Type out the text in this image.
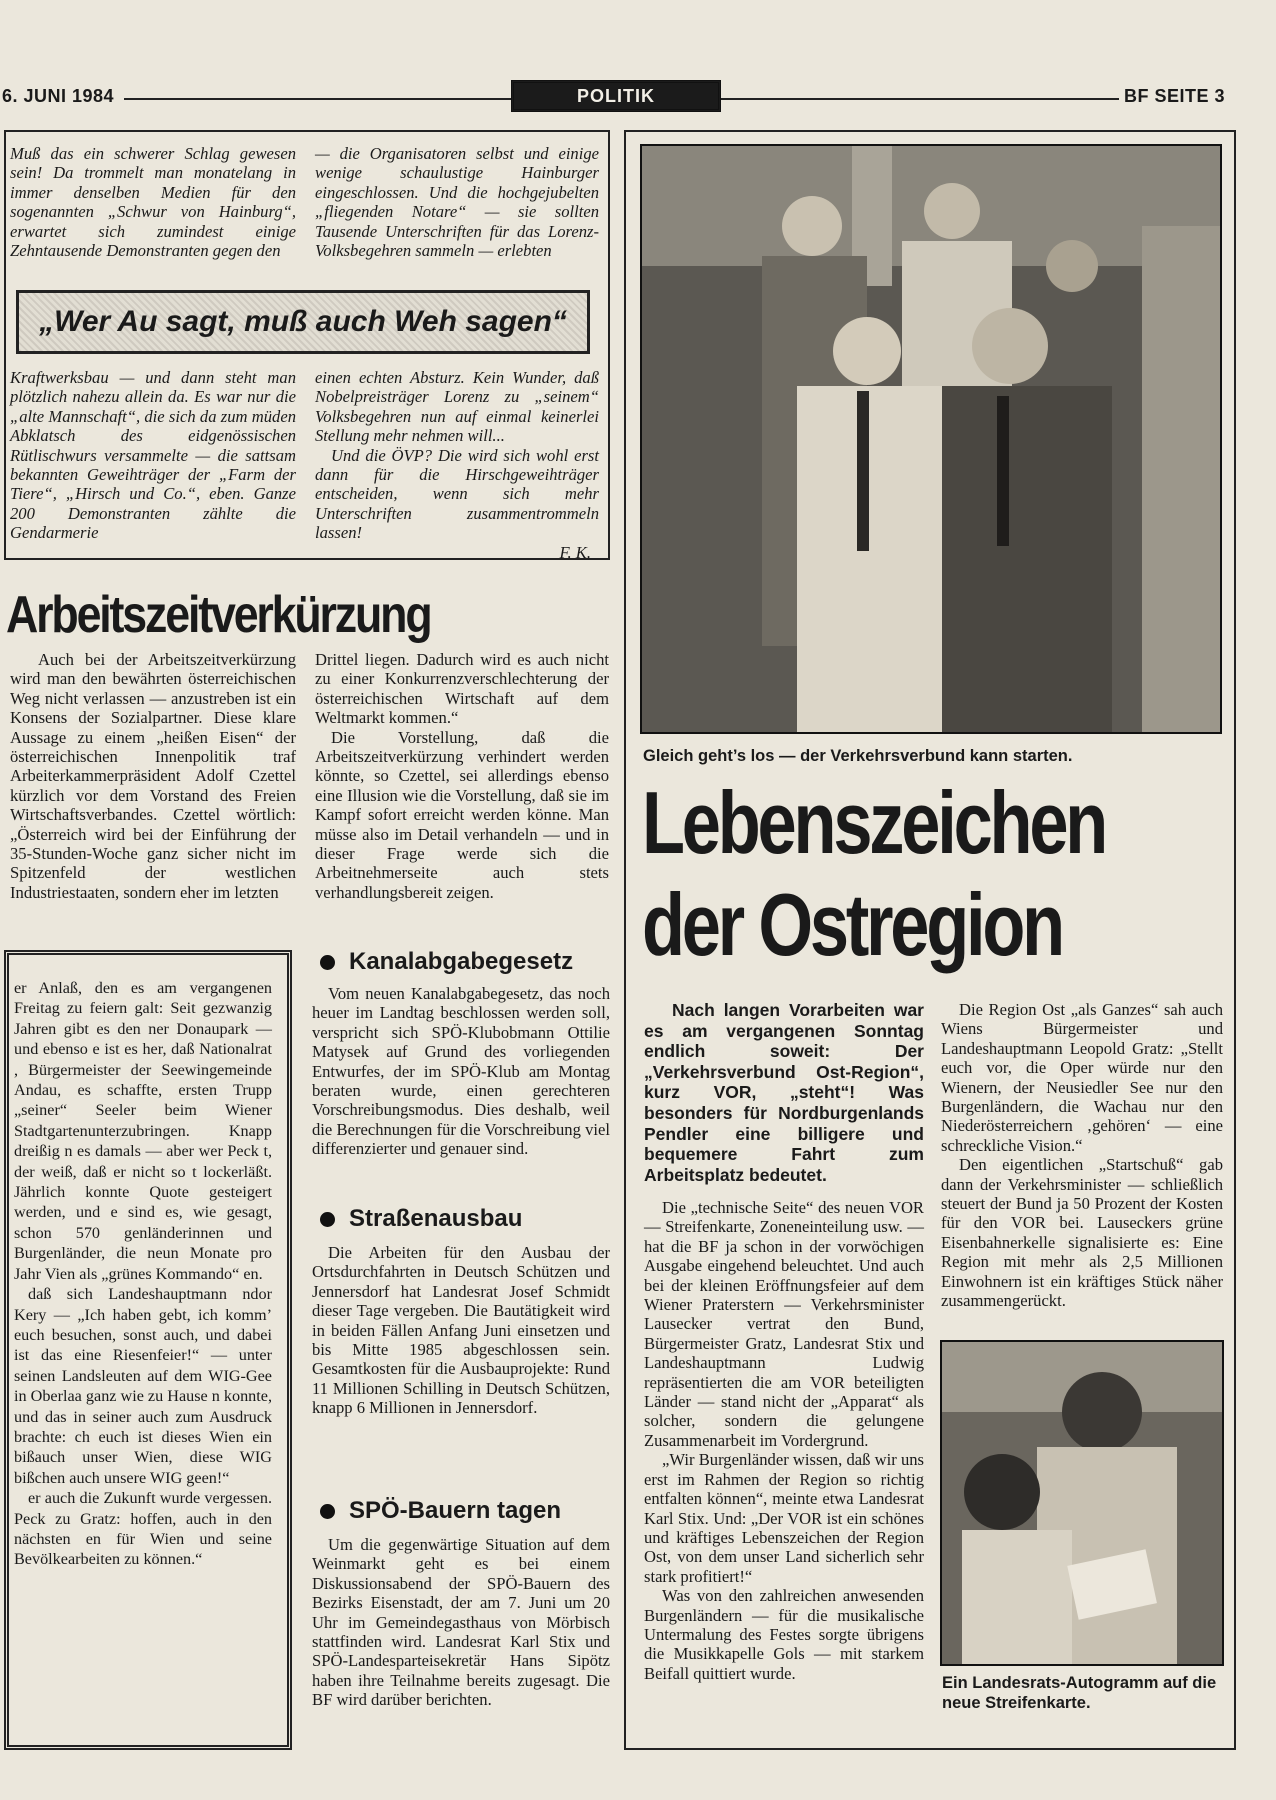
6. JUNI 1984	POLITIK	BF SEITE 3
Muß das ein schwerer Schlag gewesen sein! Da trommelt man monatelang in immer denselben Medien für den sogenannten „Schwur von Hainburg“, erwartet sich zumindest einige Zehntausende Demonstranten gegen den
— die Organisatoren selbst und einige wenige schaulustige Hainburger eingeschlossen. Und die hochgejubelten „fliegenden Notare“ — sie sollten Tausende Unterschriften für das Lorenz-Volksbegehren sammeln — erlebten
„Wer Au sagt, muß auch Weh sagen“
Kraftwerksbau — und dann steht man plötzlich nahezu allein da. Es war nur die „alte Mannschaft“, die sich da zum müden Abklatsch des eidgenössischen Rütlischwurs versammelte — die sattsam bekannten Geweihträger der „Farm der Tiere“, „Hirsch und Co.“, eben. Ganze 200 Demonstranten zählte die Gendarmerie

einen echten Absturz. Kein Wunder, daß Nobelpreisträger Lorenz zu „seinem“ Volksbegehren nun auf einmal keinerlei Stellung mehr nehmen will...

Und die ÖVP? Die wird sich wohl erst dann für die Hirschgeweihträger entscheiden, wenn sich mehr Unterschriften zusammentrommeln lassen!

F. K.

Arbeitszeitverkürzung
Auch bei der Arbeitszeitverkürzung wird man den bewährten österreichischen Weg nicht verlassen — anzustreben ist ein Konsens der Sozialpartner. Diese klare Aussage zu einem „heißen Eisen“ der österreichischen Innenpolitik traf Arbeiterkammerpräsident Adolf Czettel kürzlich vor dem Vorstand des Freien Wirtschaftsverbandes. Czettel wörtlich: „Österreich wird bei der Einführung der 35-Stunden-Woche ganz sicher nicht im Spitzenfeld der westlichen Industriestaaten, sondern eher im letzten

Drittel liegen. Dadurch wird es auch nicht zu einer Konkurrenzverschlechterung der österreichischen Wirtschaft auf dem Weltmarkt kommen.“

Die Vorstellung, daß die Arbeitszeitverkürzung verhindert werden könnte, so Czettel, sei allerdings ebenso eine Illusion wie die Vorstellung, daß sie im Kampf sofort erreicht werden könne. Man müsse also im Detail verhandeln — und in dieser Frage werde sich die Arbeitnehmerseite auch stets verhandlungsbereit zeigen.

er Anlaß, den es am vergangenen Freitag zu feiern galt: Seit gezwanzig Jahren gibt es den ner Donaupark — und ebenso e ist es her, daß Nationalrat , Bürgermeister der Seewingemeinde Andau, es schaffte, ersten Trupp „seiner“ Seeler beim Wiener Stadtgartenunterzubringen. Knapp dreißig n es damals — aber wer Peck t, der weiß, daß er nicht so t lockerläßt. Jährlich konnte Quote gesteigert werden, und e sind es, wie gesagt, schon 570 genländerinnen und Burgenländer, die neun Monate pro Jahr Vien als „grünes Kommando“ en.

daß sich Landeshauptmann ndor Kery — „Ich haben gebt, ich komm’ euch besuchen, sonst auch, und dabei ist das eine Riesenfeier!“ — unter seinen Landsleuten auf dem WIG-Gee in Oberlaa ganz wie zu Hause n konnte, und das in seiner auch zum Ausdruck brachte: ch euch ist dieses Wien ein bißauch unser Wien, diese WIG bißchen auch unsere WIG geen!“

er auch die Zukunft wurde vergessen. Peck zu Gratz: hoffen, auch in den nächsten en für Wien und seine Bevölkearbeiten zu können.“

Kanalabgabegesetz
Vom neuen Kanalabgabegesetz, das noch heuer im Landtag beschlossen werden soll, verspricht sich SPÖ-Klubobmann Ottilie Matysek auf Grund des vorliegenden Entwurfes, der im SPÖ-Klub am Montag beraten wurde, einen gerechteren Vorschreibungsmodus. Dies deshalb, weil die Berechnungen für die Vorschreibung viel differenzierter und genauer sind.
Straßenausbau
Die Arbeiten für den Ausbau der Ortsdurchfahrten in Deutsch Schützen und Jennersdorf hat Landesrat Josef Schmidt dieser Tage vergeben. Die Bautätigkeit wird in beiden Fällen Anfang Juni einsetzen und bis Mitte 1985 abgeschlossen sein. Gesamtkosten für die Ausbauprojekte: Rund 11 Millionen Schilling in Deutsch Schützen, knapp 6 Millionen in Jennersdorf.
SPÖ-Bauern tagen
Um die gegenwärtige Situation auf dem Weinmarkt geht es bei einem Diskussionsabend der SPÖ-Bauern des Bezirks Eisenstadt, der am 7. Juni um 20 Uhr im Gemeindegasthaus von Mörbisch stattfinden wird. Landesrat Karl Stix und SPÖ-Landesparteisekretär Hans Sipötz haben ihre Teilnahme bereits zugesagt. Die BF wird darüber berichten.
Gleich geht’s los — der Verkehrsverbund kann starten.
Lebenszeichen
der Ostregion
Nach langen Vorarbeiten war es am vergangenen Sonntag endlich soweit: Der „Verkehrsverbund Ost-Region“, kurz VOR, „steht“! Was besonders für Nordburgenlands Pendler eine billigere und bequemere Fahrt zum Arbeitsplatz bedeutet.

Die „technische Seite“ des neuen VOR — Streifenkarte, Zoneneinteilung usw. — hat die BF ja schon in der vorwöchigen Ausgabe eingehend beleuchtet. Und auch bei der kleinen Eröffnungsfeier auf dem Wiener Praterstern — Verkehrsminister Lausecker vertrat den Bund, Bürgermeister Gratz, Landesrat Stix und Landeshauptmann Ludwig repräsentierten die am VOR beteiligten Länder — stand nicht der „Apparat“ als solcher, sondern die gelungene Zusammenarbeit im Vordergrund.

„Wir Burgenländer wissen, daß wir uns erst im Rahmen der Region so richtig entfalten können“, meinte etwa Landesrat Karl Stix. Und: „Der VOR ist ein schönes und kräftiges Lebenszeichen der Region Ost, von dem unser Land sicherlich sehr stark profitiert!“

Was von den zahlreichen anwesenden Burgenländern — für die musikalische Untermalung des Festes sorgte übrigens die Musikkapelle Gols — mit starkem Beifall quittiert wurde.

Die Region Ost „als Ganzes“ sah auch Wiens Bürgermeister und Landeshauptmann Leopold Gratz: „Stellt euch vor, die Oper würde nur den Wienern, der Neusiedler See nur den Burgenländern, die Wachau nur den Niederösterreichern ‚gehören‘ — eine schreckliche Vision.“

Den eigentlichen „Startschuß“ gab dann der Verkehrsminister — schließlich steuert der Bund ja 50 Prozent der Kosten für den VOR bei. Lauseckers grüne Eisenbahnerkelle signalisierte es: Eine Region mit mehr als 2,5 Millionen Einwohnern ist ein kräftiges Stück näher zusammengerückt.

Ein Landesrats-Autogramm auf die neue Streifenkarte.
